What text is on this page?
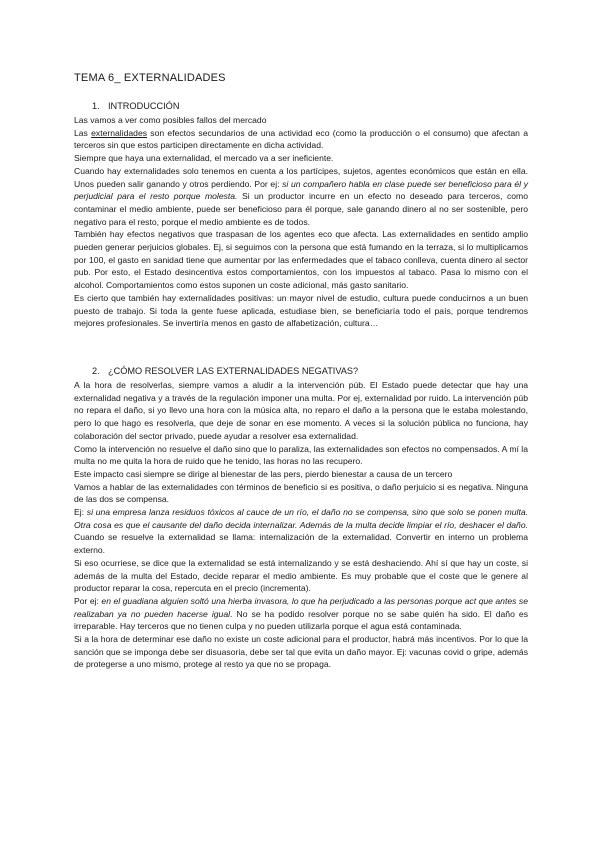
TEMA 6_ EXTERNALIDADES
1. INTRODUCCIÓN

Las vamos a ver como posibles fallos del mercado

Las externalidades son efectos secundarios de una actividad eco (como la producción o el consumo) que afectan a terceros sin que estos participen directamente en dicha actividad.

Siempre que haya una externalidad, el mercado va a ser ineficiente.

Cuando hay externalidades solo tenemos en cuenta a los partícipes, sujetos, agentes económicos que están en ella. Unos pueden salir ganando y otros perdiendo. Por ej: si un compañero habla en clase puede ser beneficioso para él y perjudicial para el resto porque molesta. Si un productor incurre en un efecto no deseado para terceros, como contaminar el medio ambiente, puede ser beneficioso para él porque, sale ganando dinero al no ser sostenible, pero negativo para el resto, porque el medio ambiente es de todos.

También hay efectos negativos que traspasan de los agentes eco que afecta. Las externalidades en sentido amplio pueden generar perjuicios globales. Ej, si seguimos con la persona que está fumando en la terraza, si lo multiplicamos por 100, el gasto en sanidad tiene que aumentar por las enfermedades que el tabaco conlleva, cuenta dinero al sector pub. Por esto, el Estado desincentiva estos comportamientos, con los impuestos al tabaco. Pasa lo mismo con el alcohol. Comportamientos como estos suponen un coste adicional, más gasto sanitario.

Es cierto que también hay externalidades positivas: un mayor nivel de estudio, cultura puede conducirnos a un buen puesto de trabajo. Si toda la gente fuese aplicada, estudiase bien, se beneficiaría todo el país, porque tendremos mejores profesionales. Se invertiría menos en gasto de alfabetización, cultura…

2. ¿CÓMO RESOLVER LAS EXTERNALIDADES NEGATIVAS?

A la hora de resolverlas, siempre vamos a aludir a la intervención púb. El Estado puede detectar que hay una externalidad negativa y a través de la regulación imponer una multa. Por ej, externalidad por ruido. La intervención púb no repara el daño, si yo llevo una hora con la música alta, no reparo el daño a la persona que le estaba molestando, pero lo que hago es resolverla, que deje de sonar en ese momento. A veces si la solución pública no funciona, hay colaboración del sector privado, puede ayudar a resolver esa externalidad.

Como la intervención no resuelve el daño sino que lo paraliza, las externalidades son efectos no compensados. A mí la multa no me quita la hora de ruido que he tenido, las horas no las recupero.

Este impacto casi siempre se dirige al bienestar de las pers, pierdo bienestar a causa de un tercero

Vamos a hablar de las externalidades con términos de beneficio si es positiva, o daño perjuicio si es negativa. Ninguna de las dos se compensa.

Ej: si una empresa lanza residuos tóxicos al cauce de un río, el daño no se compensa, sino que solo se ponen multa. Otra cosa es que el causante del daño decida internalizar. Además de la multa decide limpiar el río, deshacer el daño. Cuando se resuelve la externalidad se llama: internalización de la externalidad. Convertir en interno un problema externo.

Si eso ocurriese, se dice que la externalidad se está internalizando y se está deshaciendo. Ahí sí que hay un coste, si además de la multa del Estado, decide reparar el medio ambiente. Es muy probable que el coste que le genere al productor reparar la cosa, repercuta en el precio (incrementa).

Por ej: en el guadiana alguien soltó una hierba invasora, lo que ha perjudicado a las personas porque act que antes se realizaban ya no pueden hacerse igual. No se ha podido resolver porque no se sabe quién ha sido. El daño es irreparable. Hay terceros que no tienen culpa y no pueden utilizarla porque el agua está contaminada.

Si a la hora de determinar ese daño no existe un coste adicional para el productor, habrá más incentivos. Por lo que la sanción que se imponga debe ser disuasoria, debe ser tal que evita un daño mayor. Ej: vacunas covid o gripe, además de protegerse a uno mismo, protege al resto ya que no se propaga.
